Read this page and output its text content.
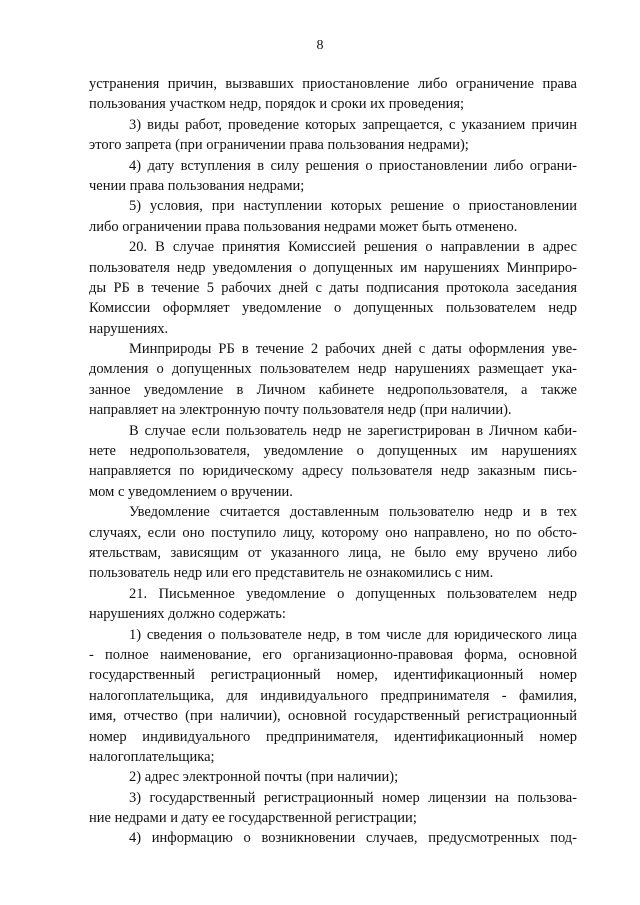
8
устранения причин, вызвавших приостановление либо ограничение права
пользования участком недр, порядок и сроки их проведения;
3) виды работ, проведение которых запрещается, с указанием причин
этого запрета (при ограничении права пользования недрами);
4) дату вступления в силу решения о приостановлении либо ограни-
чении права пользования недрами;
5) условия, при наступлении которых решение о приостановлении
либо ограничении права пользования недрами может быть отменено.
20. В случае принятия Комиссией решения о направлении в адрес
пользователя недр уведомления о допущенных им нарушениях Минприро-
ды РБ в течение 5 рабочих дней с даты подписания протокола заседания
Комиссии оформляет уведомление о допущенных пользователем недр
нарушениях.
Минприроды РБ в течение 2 рабочих дней с даты оформления уве-
домления о допущенных пользователем недр нарушениях размещает ука-
занное уведомление в Личном кабинете недропользователя, а также
направляет на электронную почту пользователя недр (при наличии).
В случае если пользователь недр не зарегистрирован в Личном каби-
нете недропользователя, уведомление о допущенных им нарушениях
направляется по юридическому адресу пользователя недр заказным пись-
мом с уведомлением о вручении.
Уведомление считается доставленным пользователю недр и в тех
случаях, если оно поступило лицу, которому оно направлено, но по обсто-
ятельствам, зависящим от указанного лица, не было ему вручено либо
пользователь недр или его представитель не ознакомились с ним.
21. Письменное уведомление о допущенных пользователем недр
нарушениях должно содержать:
1) сведения о пользователе недр, в том числе для юридического лица
- полное наименование, его организационно-правовая форма, основной
государственный регистрационный номер, идентификационный номер
налогоплательщика, для индивидуального предпринимателя - фамилия,
имя, отчество (при наличии), основной государственный регистрационный
номер индивидуального предпринимателя, идентификационный номер
налогоплательщика;
2) адрес электронной почты (при наличии);
3) государственный регистрационный номер лицензии на пользова-
ние недрами и дату ее государственной регистрации;
4) информацию о возникновении случаев, предусмотренных под-
